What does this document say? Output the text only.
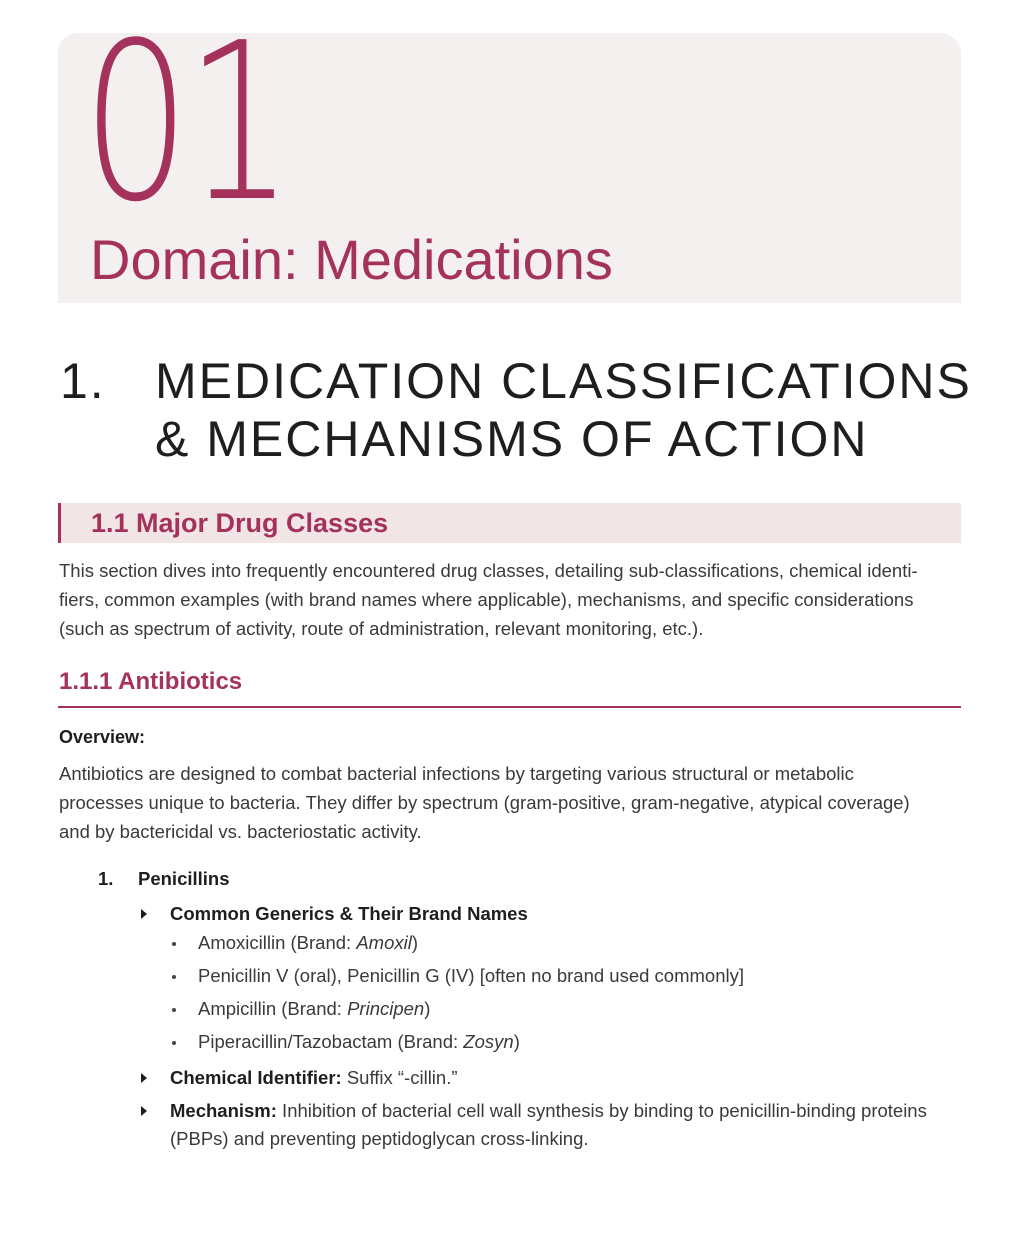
01
Domain: Medications
1. MEDICATION CLASSIFICATIONS & MECHANISMS OF ACTION
1.1 Major Drug Classes
This section dives into frequently encountered drug classes, detailing sub-classifications, chemical identi-
fiers, common examples (with brand names where applicable), mechanisms, and specific considerations
(such as spectrum of activity, route of administration, relevant monitoring, etc.).
1.1.1 Antibiotics
Overview:
Antibiotics are designed to combat bacterial infections by targeting various structural or metabolic
processes unique to bacteria. They differ by spectrum (gram-positive, gram-negative, atypical coverage)
and by bactericidal vs. bacteriostatic activity.
1. Penicillins
Common Generics & Their Brand Names
Amoxicillin (Brand: Amoxil)
Penicillin V (oral), Penicillin G (IV) [often no brand used commonly]
Ampicillin (Brand: Principen)
Piperacillin/Tazobactam (Brand: Zosyn)
Chemical Identifier: Suffix “-cillin.”
Mechanism: Inhibition of bacterial cell wall synthesis by binding to penicillin-binding proteins
(PBPs) and preventing peptidoglycan cross-linking.
